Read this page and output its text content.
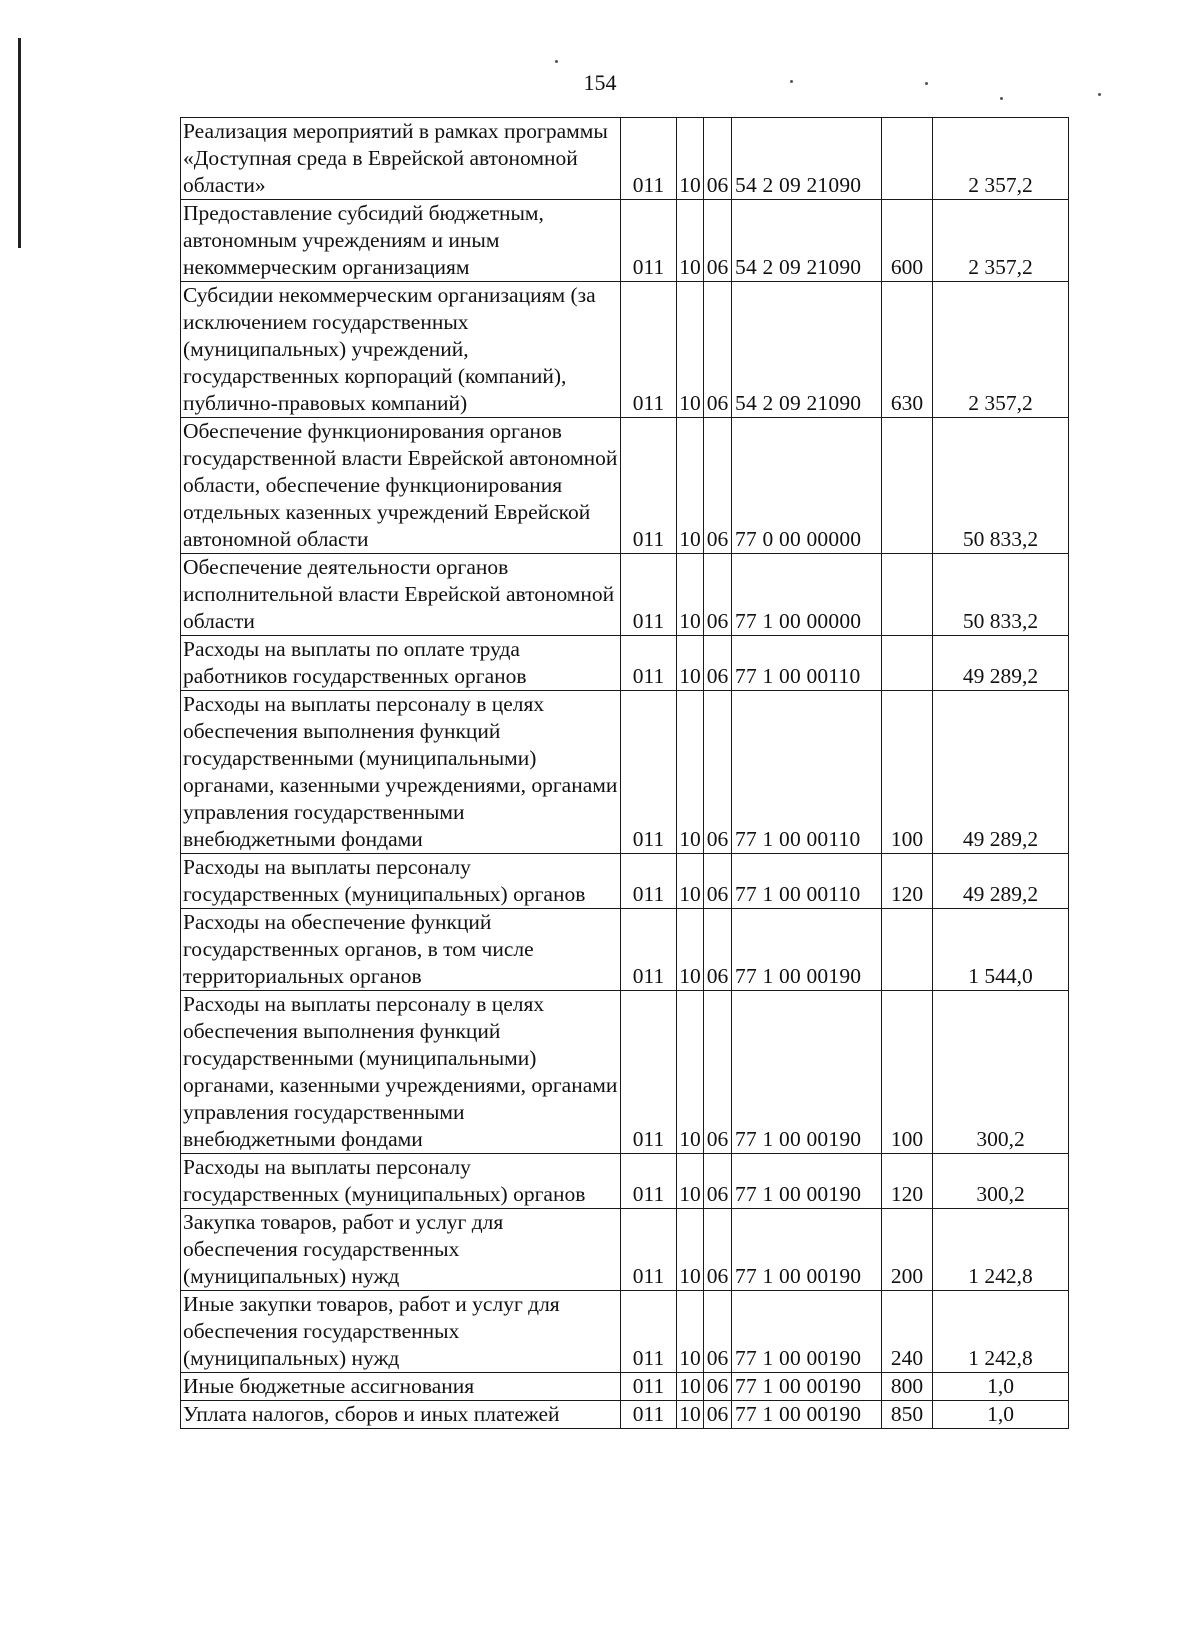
154
Реализация мероприятий в рамках программы «Доступная среда в Еврейской автономной области»	011	10	06	54 2 09 21090		2 357,2
Предоставление субсидий бюджетным, автономным учреждениям и иным некоммерческим организациям	011	10	06	54 2 09 21090	600	2 357,2
Субсидии некоммерческим организациям (за исключением государственных (муниципальных) учреждений, государственных корпораций (компаний), публично-правовых компаний)	011	10	06	54 2 09 21090	630	2 357,2
Обеспечение функционирования органов государственной власти Еврейской автономной области, обеспечение функционирования отдельных казенных учреждений Еврейской автономной области	011	10	06	77 0 00 00000		50 833,2
Обеспечение деятельности органов исполнительной власти Еврейской автономной области	011	10	06	77 1 00 00000		50 833,2
Расходы на выплаты по оплате труда работников государственных органов	011	10	06	77 1 00 00110		49 289,2
Расходы на выплаты персоналу в целях обеспечения выполнения функций государственными (муниципальными) органами, казенными учреждениями, органами управления государственными внебюджетными фондами	011	10	06	77 1 00 00110	100	49 289,2
Расходы на выплаты персоналу государственных (муниципальных) органов	011	10	06	77 1 00 00110	120	49 289,2
Расходы на обеспечение функций государственных органов, в том числе территориальных органов	011	10	06	77 1 00 00190		1 544,0
Расходы на выплаты персоналу в целях обеспечения выполнения функций государственными (муниципальными) органами, казенными учреждениями, органами управления государственными внебюджетными фондами	011	10	06	77 1 00 00190	100	300,2
Расходы на выплаты персоналу государственных (муниципальных) органов	011	10	06	77 1 00 00190	120	300,2
Закупка товаров, работ и услуг для обеспечения государственных (муниципальных) нужд	011	10	06	77 1 00 00190	200	1 242,8
Иные закупки товаров, работ и услуг для обеспечения государственных (муниципальных) нужд	011	10	06	77 1 00 00190	240	1 242,8
Иные бюджетные ассигнования	011	10	06	77 1 00 00190	800	1,0
Уплата налогов, сборов и иных платежей	011	10	06	77 1 00 00190	850	1,0
